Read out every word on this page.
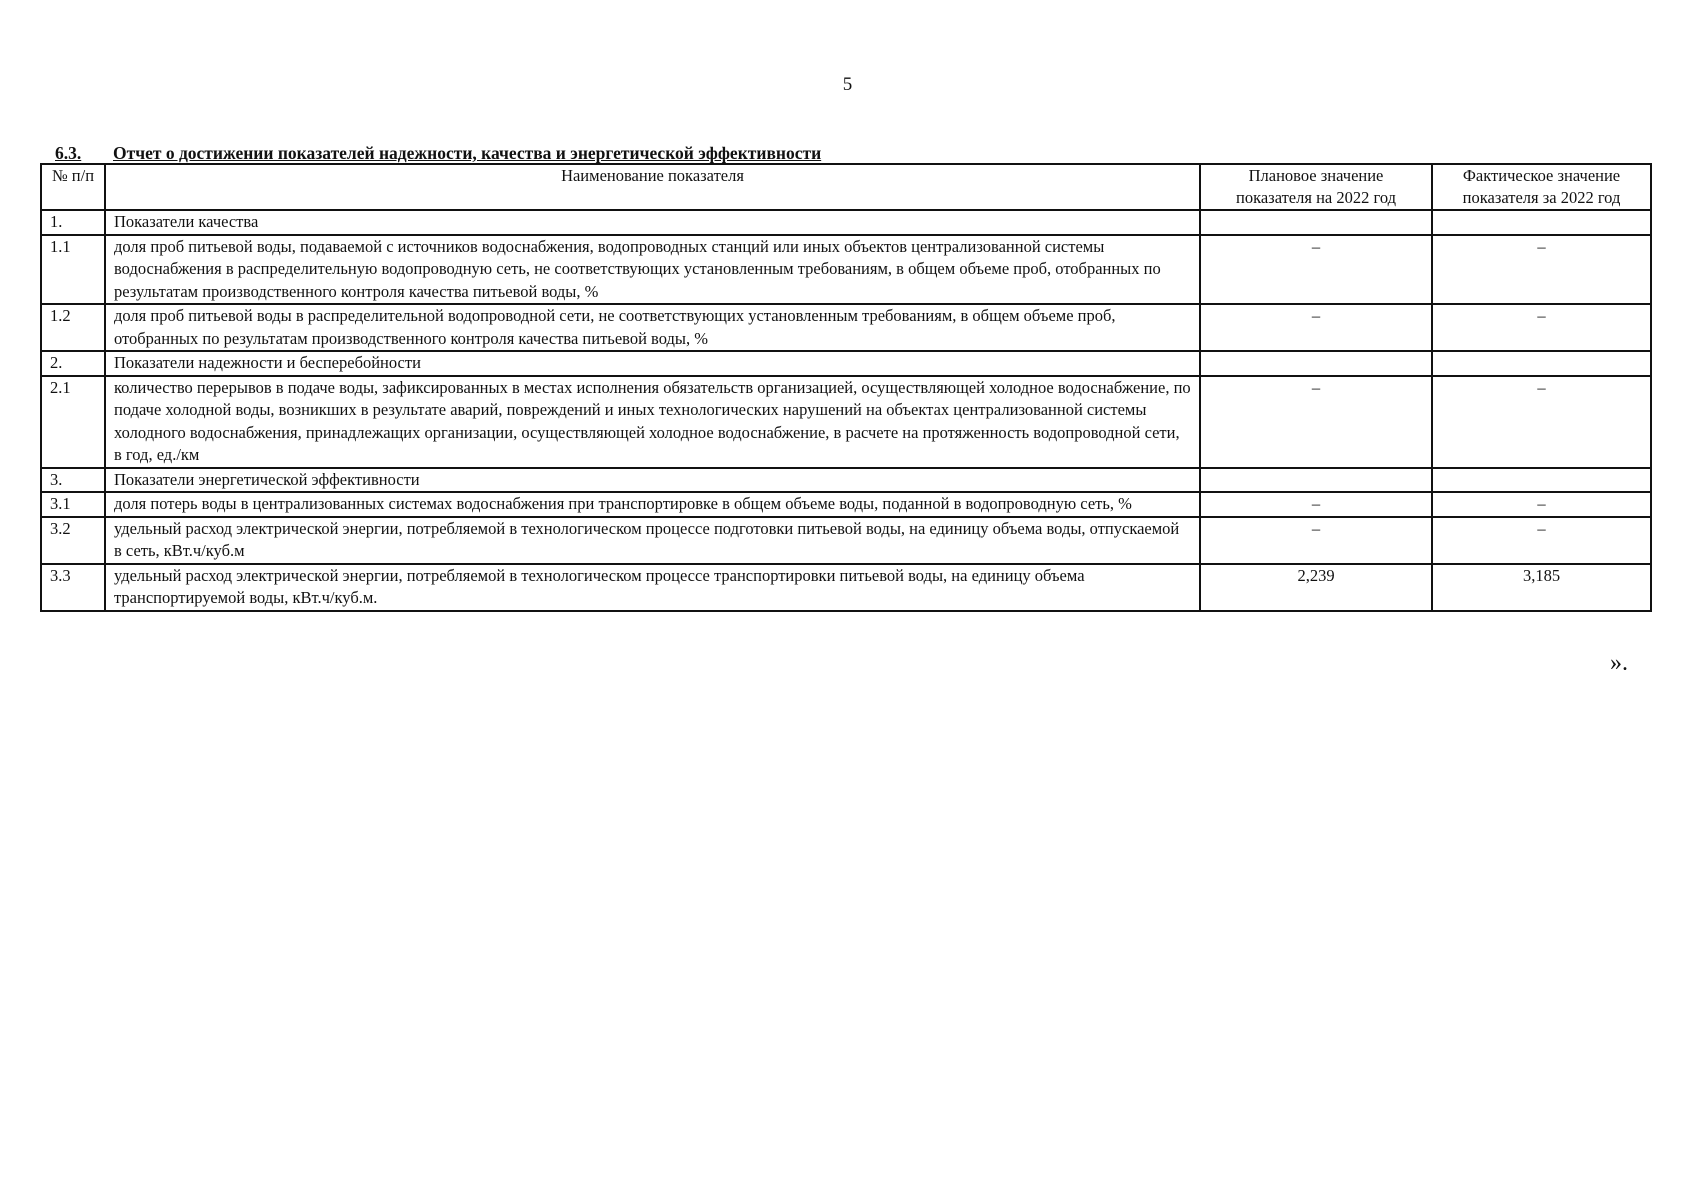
5
6.3. Отчет о достижении показателей надежности, качества и энергетической эффективности
№ п/п	Наименование показателя	Плановое значение показателя на 2022 год	Фактическое значение показателя за 2022 год
1.	Показатели качества		
1.1	доля проб питьевой воды, подаваемой с источников водоснабжения, водопроводных станций или иных объектов централизованной системы водоснабжения в распределительную водопроводную сеть, не соответствующих установленным требованиям, в общем объеме проб, отобранных по результатам производственного контроля качества питьевой воды, %	–	–
1.2	доля проб питьевой воды в распределительной водопроводной сети, не соответствующих установленным требованиям, в общем объеме проб, отобранных по результатам производственного контроля качества питьевой воды, %	–	–
2.	Показатели надежности и бесперебойности		
2.1	количество перерывов в подаче воды, зафиксированных в местах исполнения обязательств организацией, осуществляющей холодное водоснабжение, по подаче холодной воды, возникших в результате аварий, повреждений и иных технологических нарушений на объектах централизованной системы холодного водоснабжения, принадлежащих организации, осуществляющей холодное водоснабжение, в расчете на протяженность водопроводной сети, в год, ед./км	–	–
3.	Показатели энергетической эффективности		
3.1	доля потерь воды в централизованных системах водоснабжения при транспортировке в общем объеме воды, поданной в водопроводную сеть, %	–	–
3.2	удельный расход электрической энергии, потребляемой в технологическом процессе подготовки питьевой воды, на единицу объема воды, отпускаемой в сеть, кВт.ч/куб.м	–	–
3.3	удельный расход электрической энергии, потребляемой в технологическом процессе транспортировки питьевой воды, на единицу объема транспортируемой воды, кВт.ч/куб.м.	2,239	3,185
».
